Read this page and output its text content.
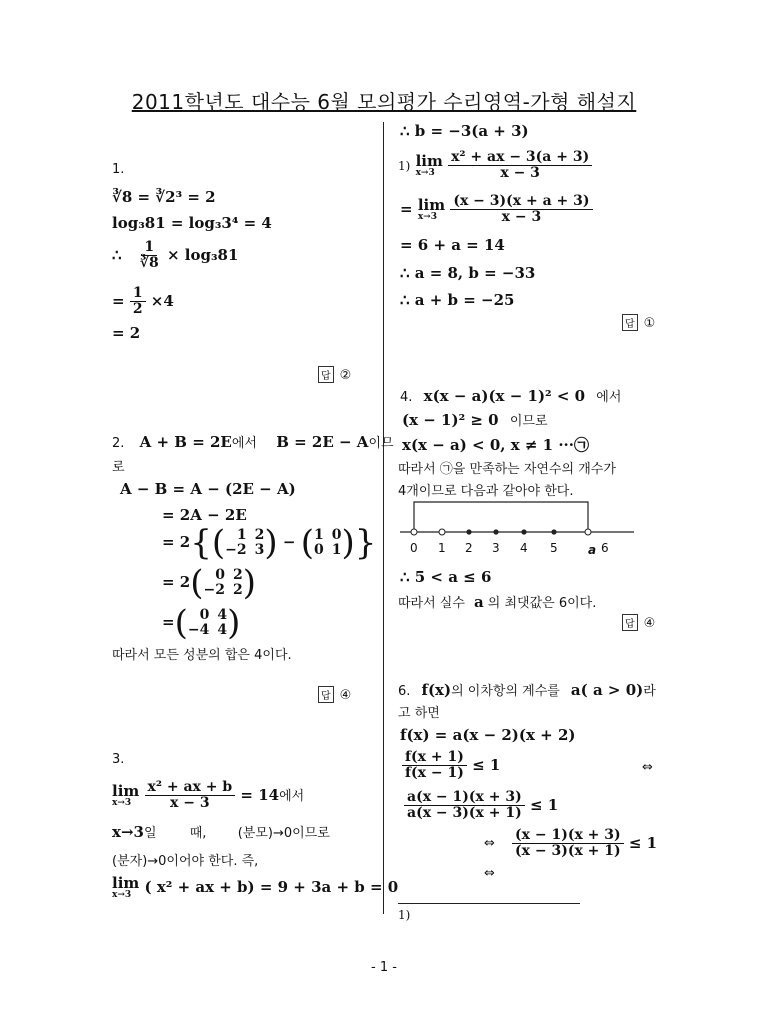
2011학년도 대수능 6월 모의평가 수리영역-가형 해설지
1.
∛8 = ∛2³ = 2
log₃81 = log₃3⁴ = 4
∴ $\frac{1}{∛8} \times \log_381$
= $\frac{1}{2} \times 4$
= 2
답 ②
2. A + B = 2E에서 B = 2E − A이므
로
A − B = A − (2E − A)
= 2A − 2E
= 2 { ( 1 2
−2 3 ) − ( 1 0
0 1 ) }
= 2 ( 0 2
−2 2 )
= ( 0 4
−4 4 )
따라서 모든 성분의 합은 4이다.
답 ④
3.
lim
x→3
$\frac{\text{x² + ax + b}}{x - 3} = 14$에서
x→3일	때, (분모)→0이므로
(분자)→0이어야 한다. 즉,
lim
x→3 ( x² + ax + b) = 9 + 3a + b = 0
∴ b = −3(a + 3)
1) lim
x→3
$\frac{\text{x² + ax − 3(a + 3)}}{x - 3}$
= lim
x→3
$\frac{(x - 3)(x + a + 3)}{x - 3}$
= 6 + a = 14
∴ a = 8, b = −33
∴ a + b = −25
답 ①
4. x(x − a)(x − 1)² < 0 에서
(x − 1)² ≥ 0 이므로
x(x − a) < 0, x ≠ 1 ···㉠
따라서 ㉠을 만족하는 자연수의 개수가
4개이므로 다음과 같아야 한다.
0 1 2 3 4 5	a 6
∴ 5 < a ≤ 6
따라서 실수 a 의 최댓값은 6이다.
답 ④
6. f(x)의 이차항의 계수를 a( a > 0)라
고 하면
f(x) = a(x − 2)(x + 2)
$\frac{f(x + 1)}{f(x - 1)} \le 1$	⇔
$\frac{a(x - 1)(x + 3)}{a(x - 3)(x + 1)} \le 1$
⇔ $\frac{(x - 1)(x + 3)}{(x - 3)(x + 1)} \le 1$
⇔
1)
- 1 -
